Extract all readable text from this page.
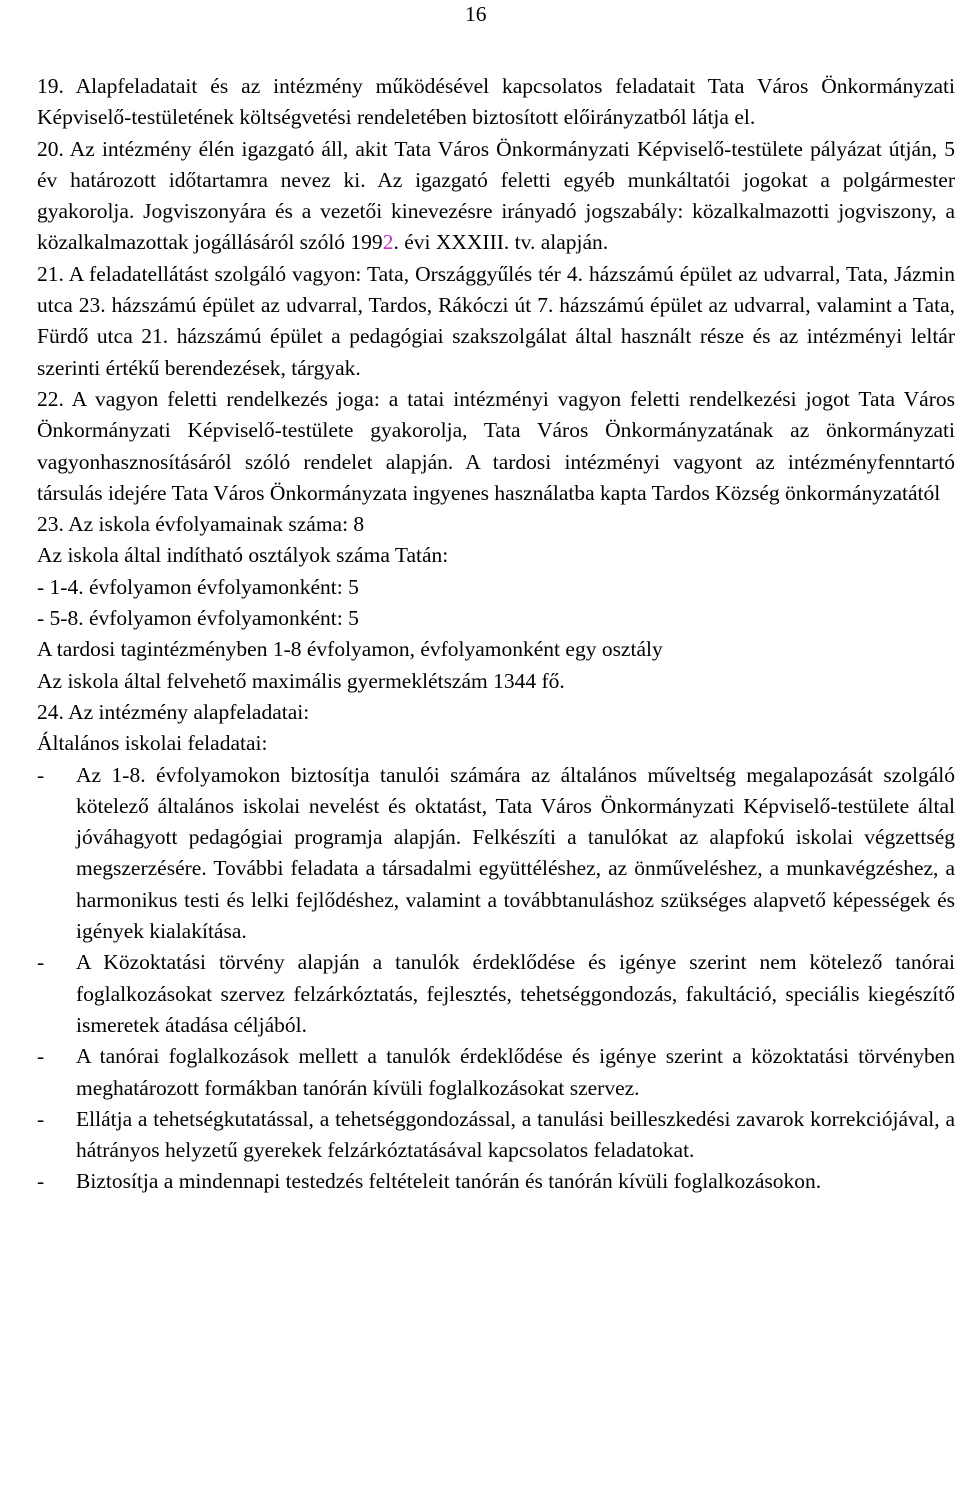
16

19. Alapfeladatait és az intézmény működésével kapcsolatos feladatait Tata Város Önkormányzati Képviselő-testületének költségvetési rendeletében biztosított előirányzatból látja el.

20. Az intézmény élén igazgató áll, akit Tata Város Önkormányzati Képviselő-testülete pályázat útján, 5 év határozott időtartamra nevez ki. Az igazgató feletti egyéb munkáltatói jogokat a polgármester gyakorolja. Jogviszonyára és a vezetői kinevezésre irányadó jogszabály: közalkalmazotti jogviszony, a közalkalmazottak jogállásáról szóló 1992. évi XXXIII. tv. alapján.

21. A feladatellátást szolgáló vagyon: Tata, Országgyűlés tér 4. házszámú épület az udvarral, Tata, Jázmin utca 23. házszámú épület az udvarral, Tardos, Rákóczi út 7. házszámú épület az udvarral, valamint a Tata, Fürdő utca 21. házszámú épület a pedagógiai szakszolgálat által használt része és az intézményi leltár szerinti értékű berendezések, tárgyak.

22. A vagyon feletti rendelkezés joga: a tatai intézményi vagyon feletti rendelkezési jogot Tata Város Önkormányzati Képviselő-testülete gyakorolja, Tata Város Önkormányzatának az önkormányzati vagyonhasznosításáról szóló rendelet alapján. A tardosi intézményi vagyont az intézményfenntartó társulás idejére Tata Város Önkormányzata ingyenes használatba kapta Tardos Község önkormányzatától

23. Az iskola évfolyamainak száma: 8

Az iskola által indítható osztályok száma Tatán:

- 1-4. évfolyamon évfolyamonként: 5

- 5-8. évfolyamon évfolyamonként: 5

A tardosi tagintézményben 1-8 évfolyamon, évfolyamonként egy osztály

Az iskola által felvehető maximális gyermeklétszám 1344 fő.

24. Az intézmény alapfeladatai:

Általános iskolai feladatai:

-	Az 1-8. évfolyamokon biztosítja tanulói számára az általános műveltség megalapozását szolgáló kötelező általános iskolai nevelést és oktatást, Tata Város Önkormányzati Képviselő-testülete által jóváhagyott pedagógiai programja alapján. Felkészíti a tanulókat az alapfokú iskolai végzettség megszerzésére. További feladata a társadalmi együttéléshez, az önműveléshez, a munkavégzéshez, a harmonikus testi és lelki fejlődéshez, valamint a továbbtanuláshoz szükséges alapvető képességek és igények kialakítása.
-	A Közoktatási törvény alapján a tanulók érdeklődése és igénye szerint nem kötelező tanórai foglalkozásokat szervez felzárkóztatás, fejlesztés, tehetséggondozás, fakultáció, speciális kiegészítő ismeretek átadása céljából.
-	A tanórai foglalkozások mellett a tanulók érdeklődése és igénye szerint a közoktatási törvényben meghatározott formákban tanórán kívüli foglalkozásokat szervez.
-	Ellátja a tehetségkutatással, a tehetséggondozással, a tanulási beilleszkedési zavarok korrekciójával, a hátrányos helyzetű gyerekek felzárkóztatásával kapcsolatos feladatokat.
-	Biztosítja a mindennapi testedzés feltételeit tanórán és tanórán kívüli foglalkozásokon.
